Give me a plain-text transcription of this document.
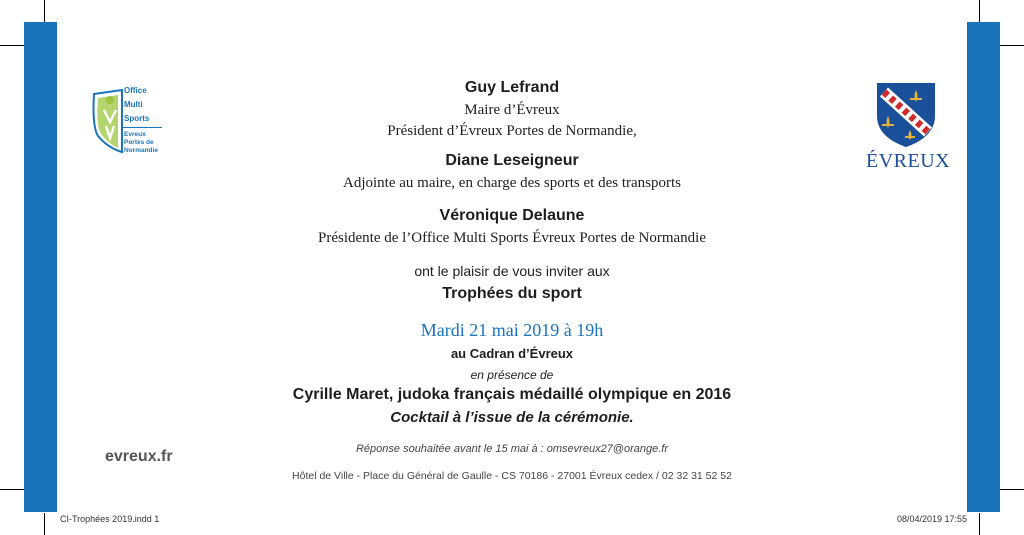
Office
Multi
Sports
Evreux
Portes de
Normandie	ÉVREUX
Guy Lefrand
Maire d’Évreux
Président d’Évreux Portes de Normandie,
Diane Leseigneur
Adjointe au maire, en charge des sports et des transports
Véronique Delaune
Présidente de l’Office Multi Sports Évreux Portes de Normandie
ont le plaisir de vous inviter aux
Trophées du sport
Mardi 21 mai 2019 à 19h
au Cadran d’Évreux
en présence de
Cyrille Maret, judoka français médaillé olympique en 2016
Cocktail à l’issue de la cérémonie.
Réponse souhaitée avant le 15 mai à : omsevreux27@orange.fr
Hôtel de Ville - Place du Général de Gaulle - CS 70186 - 27001 Évreux cedex / 02 32 31 52 52
evreux.fr
CI-Trophées 2019.indd 1	08/04/2019 17:55
